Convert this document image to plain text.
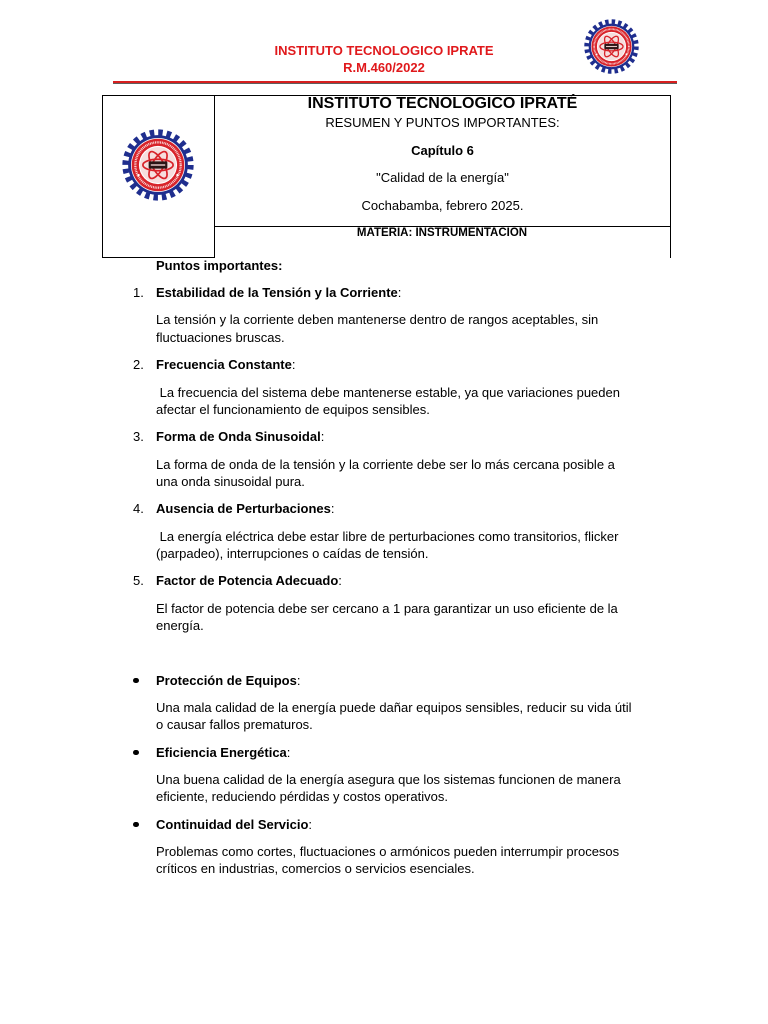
INSTITUTO TECNOLOGICO IPRATE
R.M.460/2022
INSTITUTO TECNOLOGICO IPRATÉ
RESUMEN Y PUNTOS IMPORTANTES:
Capítulo 6
"Calidad de la energía"
Cochabamba, febrero 2025.
MATERIA: INSTRUMENTACION
Puntos importantes:
1. Estabilidad de la Tensión y la Corriente:
La tensión y la corriente deben mantenerse dentro de rangos aceptables, sin
fluctuaciones bruscas.
2. Frecuencia Constante:
La frecuencia del sistema debe mantenerse estable, ya que variaciones pueden
afectar el funcionamiento de equipos sensibles.
3. Forma de Onda Sinusoidal:
La forma de onda de la tensión y la corriente debe ser lo más cercana posible a
una onda sinusoidal pura.
4. Ausencia de Perturbaciones:
La energía eléctrica debe estar libre de perturbaciones como transitorios, flicker
(parpadeo), interrupciones o caídas de tensión.
5. Factor de Potencia Adecuado:
El factor de potencia debe ser cercano a 1 para garantizar un uso eficiente de la
energía.
Protección de Equipos:
Una mala calidad de la energía puede dañar equipos sensibles, reducir su vida útil
o causar fallos prematuros.
Eficiencia Energética:
Una buena calidad de la energía asegura que los sistemas funcionen de manera
eficiente, reduciendo pérdidas y costos operativos.
Continuidad del Servicio:
Problemas como cortes, fluctuaciones o armónicos pueden interrumpir procesos
críticos en industrias, comercios o servicios esenciales.
